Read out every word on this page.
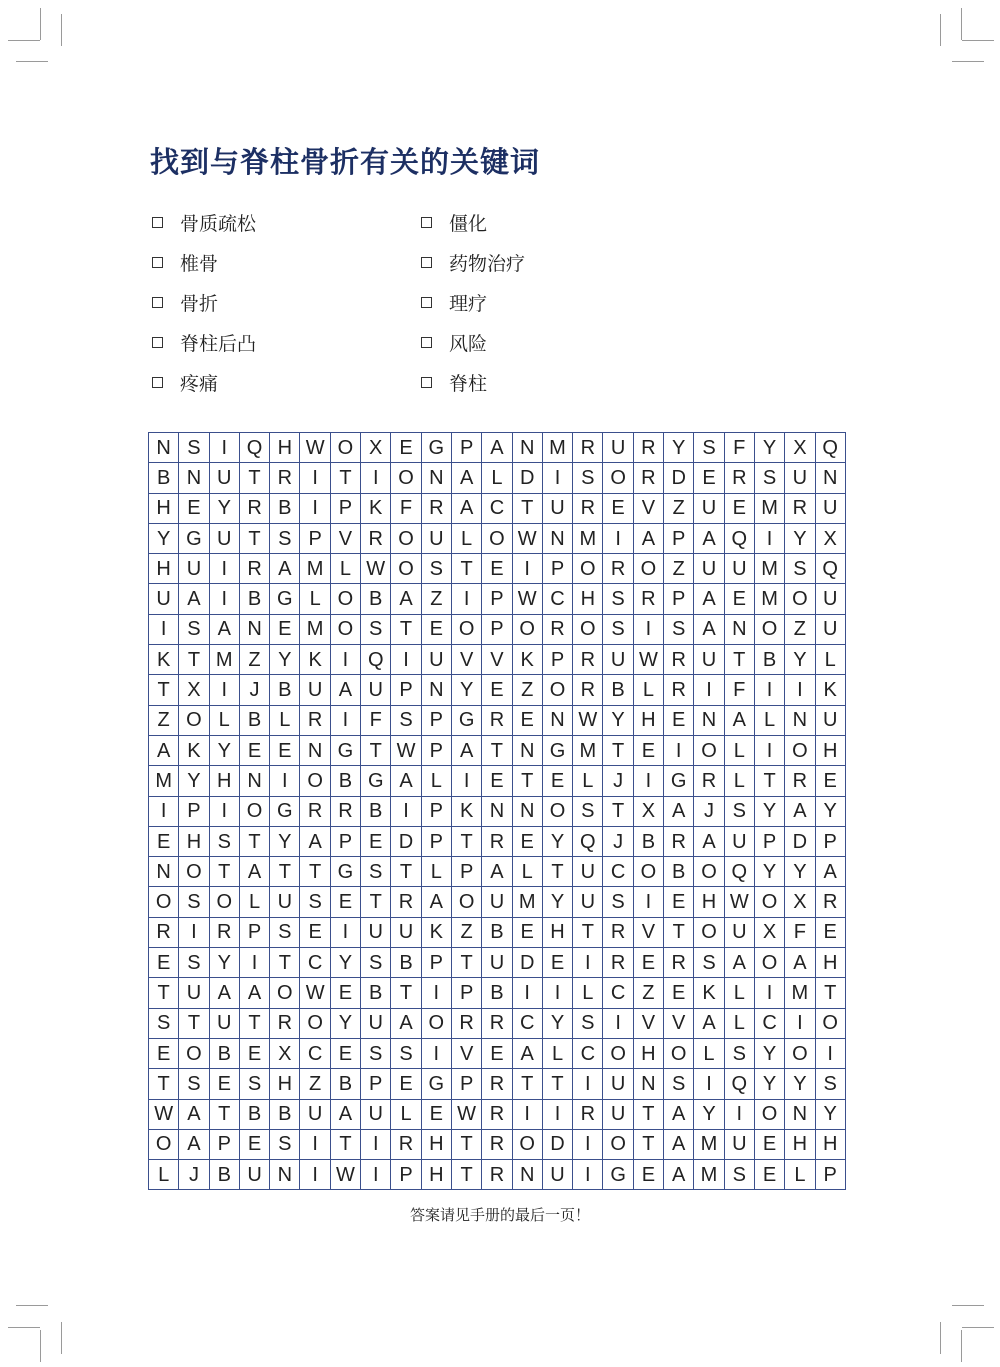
找到与脊柱骨折有关的关键词
骨质疏松	僵化
椎骨	药物治疗
骨折	理疗
脊柱后凸	风险
疼痛	脊柱
N	S	I	Q	H	W	O	X	E	G	P	A	N	M	R	U	R	Y	S	F	Y	X	Q
B	N	U	T	R	I	T	I	O	N	A	L	D	I	S	O	R	D	E	R	S	U	N
H	E	Y	R	B	I	P	K	F	R	A	C	T	U	R	E	V	Z	U	E	M	R	U
Y	G	U	T	S	P	V	R	O	U	L	O	W	N	M	I	A	P	A	Q	I	Y	X
H	U	I	R	A	M	L	W	O	S	T	E	I	P	O	R	O	Z	U	U	M	S	Q
U	A	I	B	G	L	O	B	A	Z	I	P	W	C	H	S	R	P	A	E	M	O	U
I	S	A	N	E	M	O	S	T	E	O	P	O	R	O	S	I	S	A	N	O	Z	U
K	T	M	Z	Y	K	I	Q	I	U	V	V	K	P	R	U	W	R	U	T	B	Y	L
T	X	I	J	B	U	A	U	P	N	Y	E	Z	O	R	B	L	R	I	F	I	I	K
Z	O	L	B	L	R	I	F	S	P	G	R	E	N	W	Y	H	E	N	A	L	N	U
A	K	Y	E	E	N	G	T	W	P	A	T	N	G	M	T	E	I	O	L	I	O	H
M	Y	H	N	I	O	B	G	A	L	I	E	T	E	L	J	I	G	R	L	T	R	E
I	P	I	O	G	R	R	B	I	P	K	N	N	O	S	T	X	A	J	S	Y	A	Y
E	H	S	T	Y	A	P	E	D	P	T	R	E	Y	Q	J	B	R	A	U	P	D	P
N	O	T	A	T	T	G	S	T	L	P	A	L	T	U	C	O	B	O	Q	Y	Y	A
O	S	O	L	U	S	E	T	R	A	O	U	M	Y	U	S	I	E	H	W	O	X	R
R	I	R	P	S	E	I	U	U	K	Z	B	E	H	T	R	V	T	O	U	X	F	E
E	S	Y	I	T	C	Y	S	B	P	T	U	D	E	I	R	E	R	S	A	O	A	H
T	U	A	A	O	W	E	B	T	I	P	B	I	I	L	C	Z	E	K	L	I	M	T
S	T	U	T	R	O	Y	U	A	O	R	R	C	Y	S	I	V	V	A	L	C	I	O
E	O	B	E	X	C	E	S	S	I	V	E	A	L	C	O	H	O	L	S	Y	O	I
T	S	E	S	H	Z	B	P	E	G	P	R	T	T	I	U	N	S	I	Q	Y	Y	S
W	A	T	B	B	U	A	U	L	E	W	R	I	I	R	U	T	A	Y	I	O	N	Y
O	A	P	E	S	I	T	I	R	H	T	R	O	D	I	O	T	A	M	U	E	H	H
L	J	B	U	N	I	W	I	P	H	T	R	N	U	I	G	E	A	M	S	E	L	P
答案请见手册的最后一页！
